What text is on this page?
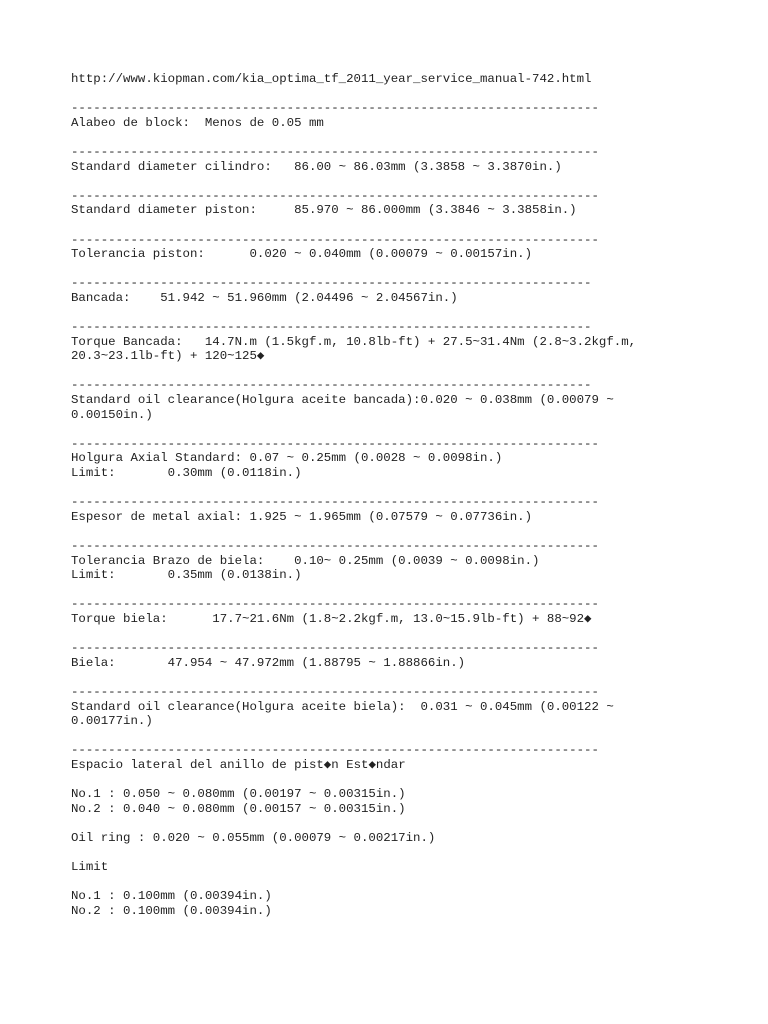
http://www.kiopman.com/kia_optima_tf_2011_year_service_manual-742.html
-----------------------------------------------------------------------
Alabeo de block:  Menos de 0.05 mm
-----------------------------------------------------------------------
Standard diameter cilindro:   86.00 ~ 86.03mm (3.3858 ~ 3.3870in.)
-----------------------------------------------------------------------
Standard diameter piston:     85.970 ~ 86.000mm (3.3846 ~ 3.3858in.)
-----------------------------------------------------------------------
Tolerancia piston:      0.020 ~ 0.040mm (0.00079 ~ 0.00157in.)
----------------------------------------------------------------------
Bancada:    51.942 ~ 51.960mm (2.04496 ~ 2.04567in.)
----------------------------------------------------------------------
Torque Bancada:   14.7N.m (1.5kgf.m, 10.8lb-ft) + 27.5~31.4Nm (2.8~3.2kgf.m,
20.3~23.1lb-ft) + 120~125◆
----------------------------------------------------------------------
Standard oil clearance(Holgura aceite bancada):0.020 ~ 0.038mm (0.00079 ~
0.00150in.)
-----------------------------------------------------------------------
Holgura Axial Standard: 0.07 ~ 0.25mm (0.0028 ~ 0.0098in.)
Limit:       0.30mm (0.0118in.)
-----------------------------------------------------------------------
Espesor de metal axial: 1.925 ~ 1.965mm (0.07579 ~ 0.07736in.)
-----------------------------------------------------------------------
Tolerancia Brazo de biela:    0.10~ 0.25mm (0.0039 ~ 0.0098in.)
Limit:       0.35mm (0.0138in.)
-----------------------------------------------------------------------
Torque biela:      17.7~21.6Nm (1.8~2.2kgf.m, 13.0~15.9lb-ft) + 88~92◆
-----------------------------------------------------------------------
Biela:       47.954 ~ 47.972mm (1.88795 ~ 1.88866in.)
-----------------------------------------------------------------------
Standard oil clearance(Holgura aceite biela):  0.031 ~ 0.045mm (0.00122 ~
0.00177in.)
-----------------------------------------------------------------------
Espacio lateral del anillo de pist◆n Est◆ndar
No.1 : 0.050 ~ 0.080mm (0.00197 ~ 0.00315in.)
No.2 : 0.040 ~ 0.080mm (0.00157 ~ 0.00315in.)
Oil ring : 0.020 ~ 0.055mm (0.00079 ~ 0.00217in.)
Limit
No.1 : 0.100mm (0.00394in.)
No.2 : 0.100mm (0.00394in.)
